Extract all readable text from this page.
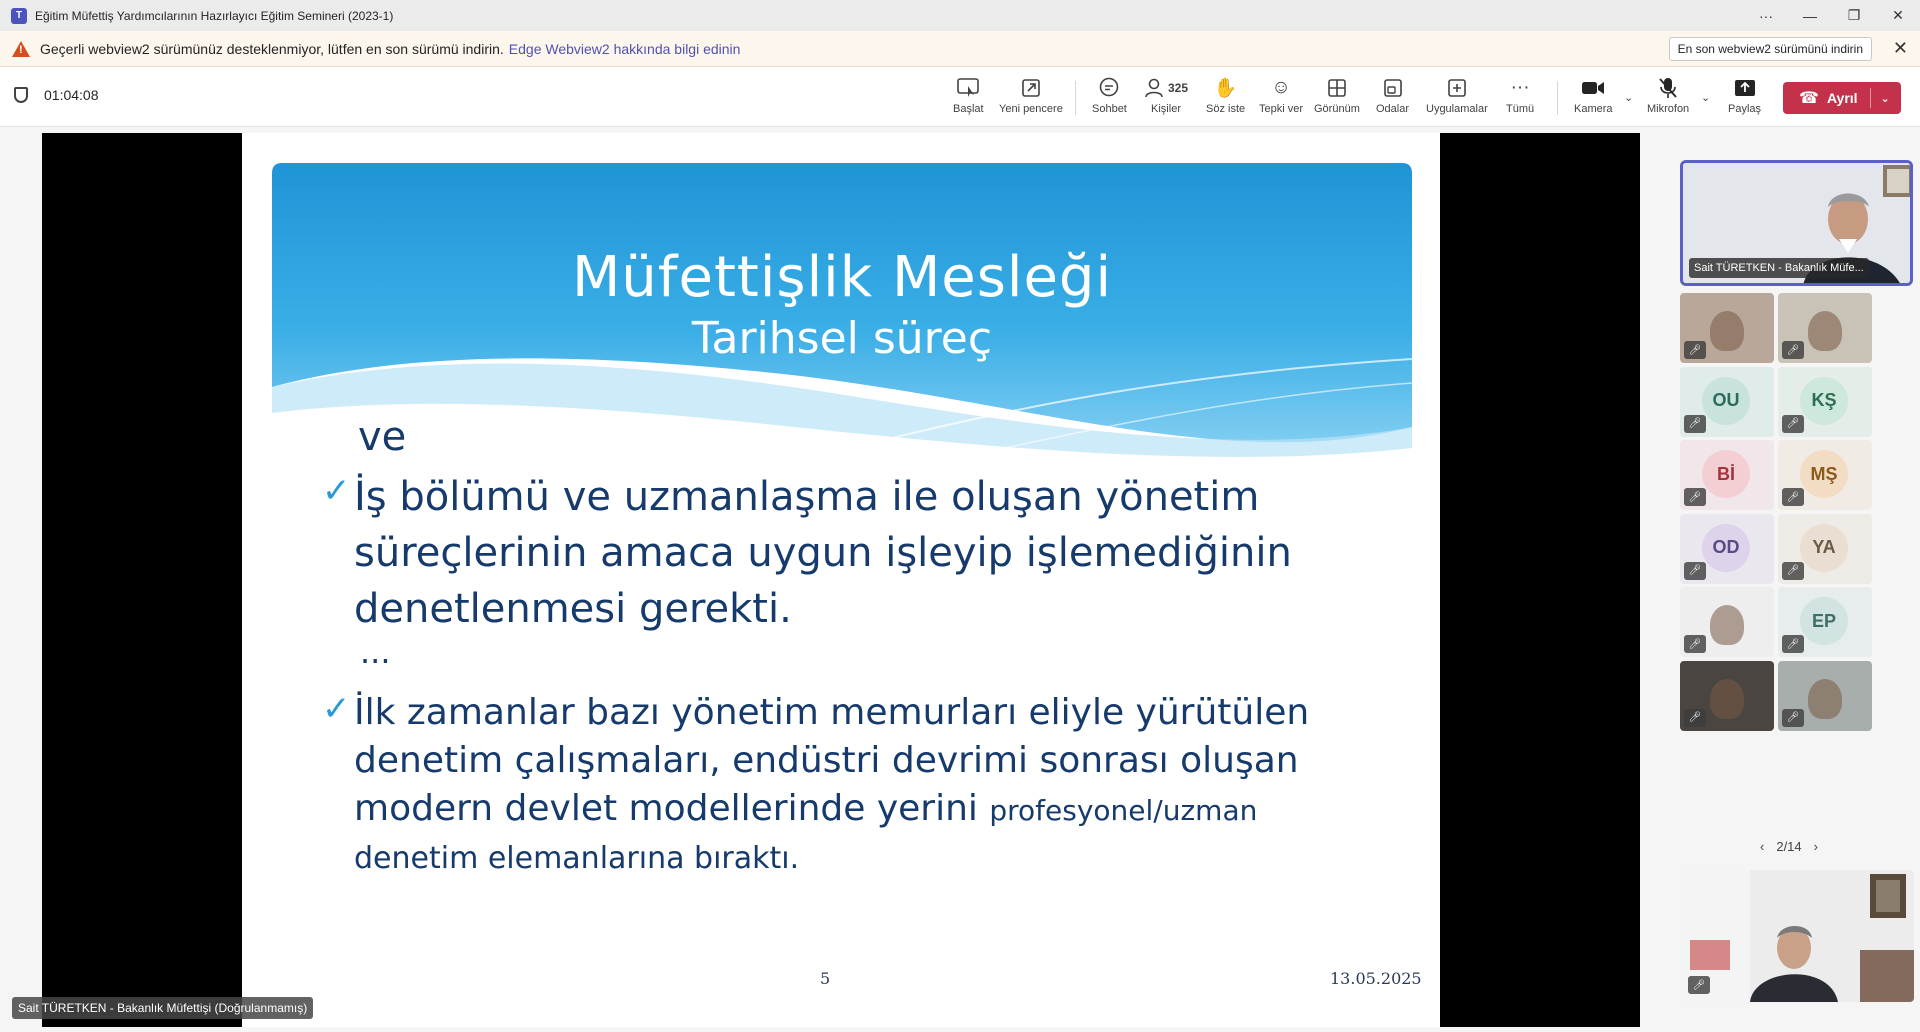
T	Eğitim Müfettiş Yardımcılarının Hazırlayıcı Eğitim Semineri (2023-1)	···	—	❐	✕
! Geçerli webview2 sürümünüz desteklenmiyor, lütfen en son sürümü indirin. Edge Webview2 hakkında bilgi edinin	En son webview2 sürümünü indirin	✕
01:04:08
Başlat Yeni pencere	Sohbet
325
Kişiler
✋
Söz iste
☺
Tepki ver Görünüm Odalar Uygulamalar
···
Tümü	Kamera
⌄
Mikrofon
⌄
Paylaş
☎ Ayrıl ⌄
Müfettişlik Mesleği
Tarihsel süreç
ve
✓ İş bölümü ve uzmanlaşma ile oluşan yönetim
süreçlerinin amaca uygun işleyip işlemediğinin
denetlenmesi gerekti.
...
✓ İlk zamanlar bazı yönetim memurları eliyle yürütülen
denetim çalışmaları, endüstri devrimi sonrası oluşan
modern devlet modellerinde yerini profesyonel/uzman
denetim elemanlarına bıraktı.
5	13.05.2025
Sait TÜRETKEN - Bakanlık Müfettişi (Doğrulanmamış)
Sait TÜRETKEN - Bakanlık Müfe...
🎤︎	🎤︎
OU
🎤︎
KŞ
🎤︎
Bİ
🎤︎
MŞ
🎤︎
OD
🎤︎
YA
🎤︎
🎤︎
EP
🎤︎
🎤︎	🎤︎
‹ 2/14 ›
🎤︎
